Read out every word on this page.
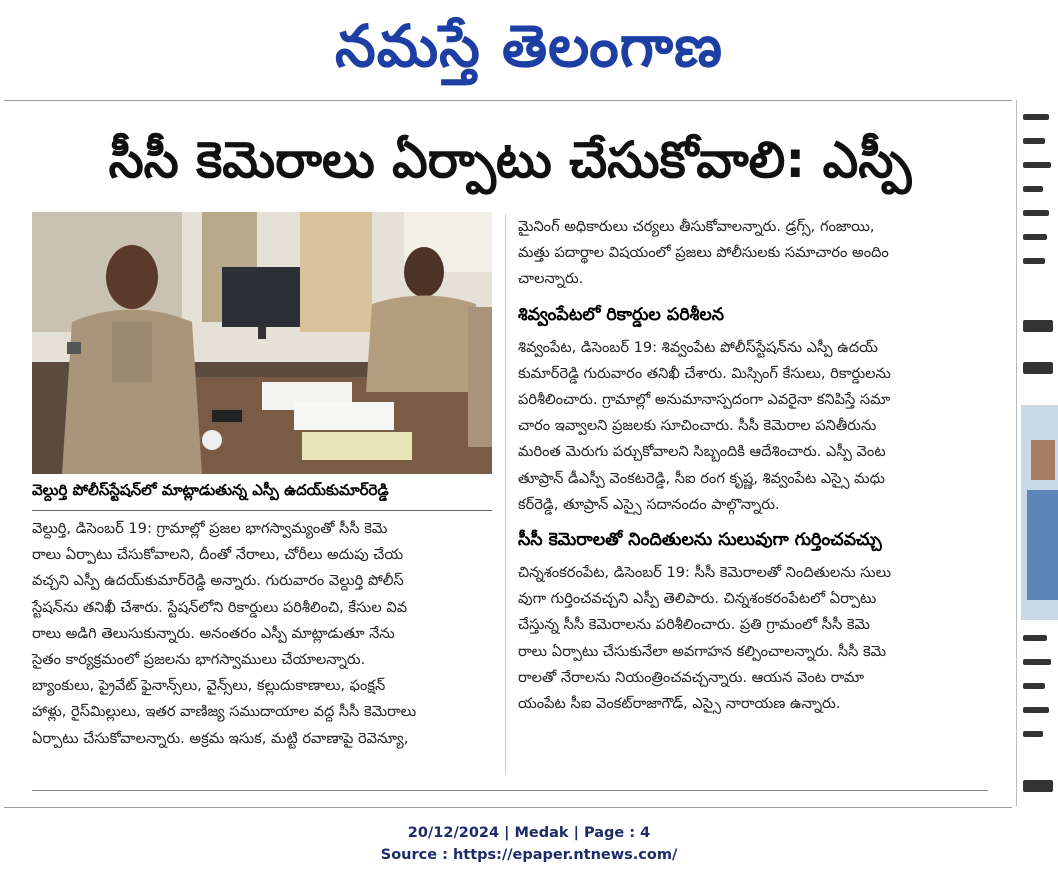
నమస్తే తెలంగాణ
సీసీ కెమెరాలు ఏర్పాటు చేసుకోవాలి: ఎస్పీ
వెల్దుర్తి పోలీస్‌స్టేషన్‌లో మాట్లాడుతున్న ఎస్పీ ఉదయ్‌కుమార్‌రెడ్డి

వెల్దుర్తి, డిసెంబర్ 19: గ్రామాల్లో ప్రజల భాగస్వామ్యంతో సీసీ కెమె

రాలు ఏర్పాటు చేసుకోవాలని, దీంతో నేరాలు, చోరీలు అదుపు చేయ

వచ్చని ఎస్పీ ఉదయ్‌కుమార్‌రెడ్డి అన్నారు. గురువారం వెల్దుర్తి పోలీస్

స్టేషన్‌ను తనిఖీ చేశారు. స్టేషన్‌లోని రికార్డులు పరిశీలించి, కేసుల వివ

రాలు అడిగి తెలుసుకున్నారు. అనంతరం ఎస్పీ మాట్లాడుతూ నేను

సైతం కార్యక్రమంలో ప్రజలను భాగస్వాములు చేయాలన్నారు.

బ్యాంకులు, ప్రైవేట్ ఫైనాన్స్‌లు, వైన్స్‌లు, కల్లుదుకాణాలు, ఫంక్షన్

హాళ్లు, రైస్‌మిల్లులు, ఇతర వాణిజ్య సముదాయాల వద్ద సీసీ కెమెరాలు

ఏర్పాటు చేసుకోవాలన్నారు. అక్రమ ఇసుక, మట్టి రవాణాపై రెవెన్యూ,

మైనింగ్ అధికారులు చర్యలు తీసుకోవాలన్నారు. డ్రగ్స్, గంజాయి,

మత్తు పదార్థాల విషయంలో ప్రజలు పోలీసులకు సమాచారం అందిం

చాలన్నారు.

శివ్వంపేటలో రికార్డుల పరిశీలన

శివ్వంపేట, డిసెంబర్ 19: శివ్వంపేట పోలీస్‌స్టేషన్‌ను ఎస్పీ ఉదయ్

కుమార్‌రెడ్డి గురువారం తనిఖీ చేశారు. మిస్సింగ్ కేసులు, రికార్డులను

పరిశీలించారు. గ్రామాల్లో అనుమానాస్పదంగా ఎవరైనా కనిపిస్తే సమా

చారం ఇవ్వాలని ప్రజలకు సూచించారు. సీసీ కెమెరాల పనితీరును

మరింత మెరుగు పర్చుకోవాలని సిబ్బందికి ఆదేశించారు. ఎస్పీ వెంట

తూప్రాన్ డీఎస్పీ వెంకటరెడ్డి, సీఐ రంగ కృష్ణ, శివ్వంపేట ఎస్సై మధు

కర్‌రెడ్డి, తూప్రాన్ ఎస్సై సదానందం పాల్గొన్నారు.

సీసీ కెమెరాలతో నిందితులను సులువుగా గుర్తించవచ్చు

చిన్నశంకరంపేట, డిసెంబర్ 19: సీసీ కెమెరాలతో నిందితులను సులు

వుగా గుర్తించవచ్చని ఎస్పీ తెలిపారు. చిన్నశంకరంపేటలో ఏర్పాటు

చేస్తున్న సీసీ కెమెరాలను పరిశీలించారు. ప్రతి గ్రామంలో సీసీ కెమె

రాలు ఏర్పాటు చేసుకునేలా అవగాహన కల్పించాలన్నారు. సీసీ కెమె

రాలతో నేరాలను నియంత్రించవచ్చన్నారు. ఆయన వెంట రామా

యంపేట సీఐ వెంకట్‌రాజాగౌడ్, ఎస్సై నారాయణ ఉన్నారు.

20/12/2024 | Medak | Page : 4
Source : https://epaper.ntnews.com/
